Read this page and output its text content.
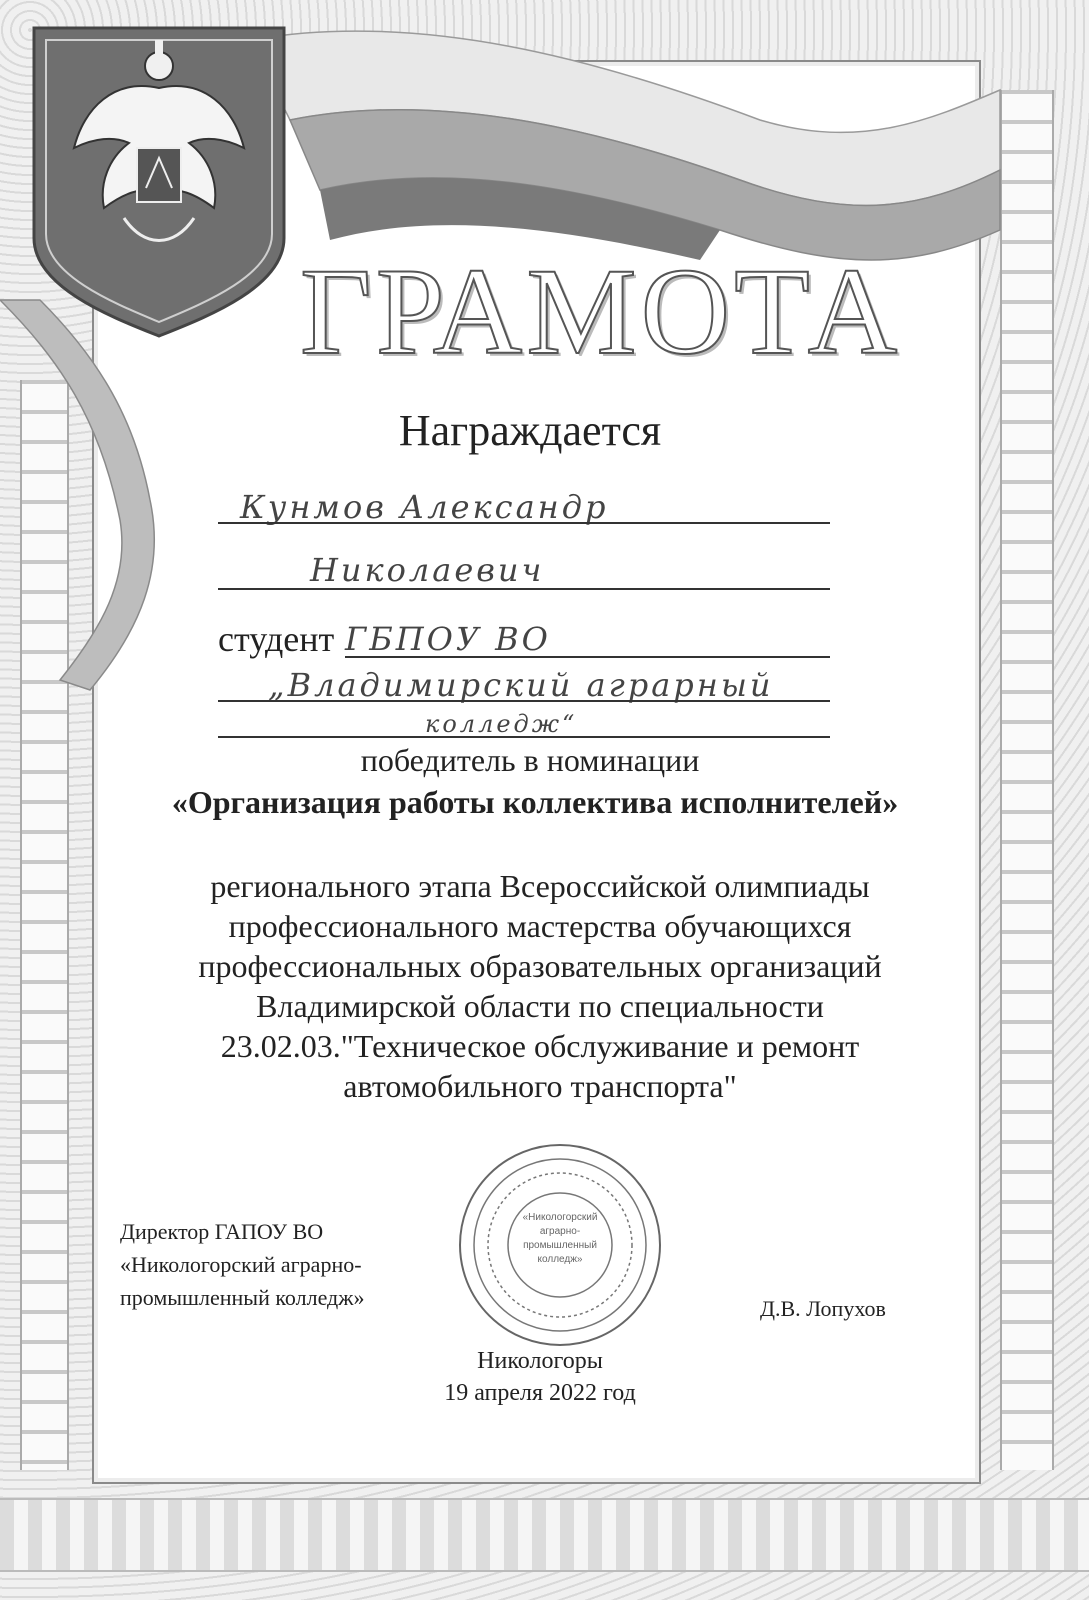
ГРАМОТА
Награждается
Кунмов Александр
Николаевич
студент ГБПОУ ВО
„Владимирский аграрный
колледж“
победитель в номинации
«Организация работы коллектива исполнителей»
регионального этапа Всероссийской олимпиады
профессионального мастерства обучающихся
профессиональных образовательных организаций
Владимирской области по специальности
23.02.03."Техническое обслуживание и ремонт
автомобильного транспорта"
Директор ГАПОУ ВО
«Никологорский аграрно-
промышленный колледж»
«Никологорский
аграрно-
промышленный
колледж»
Д.В. Лопухов
Никологоры
19 апреля 2022 год
